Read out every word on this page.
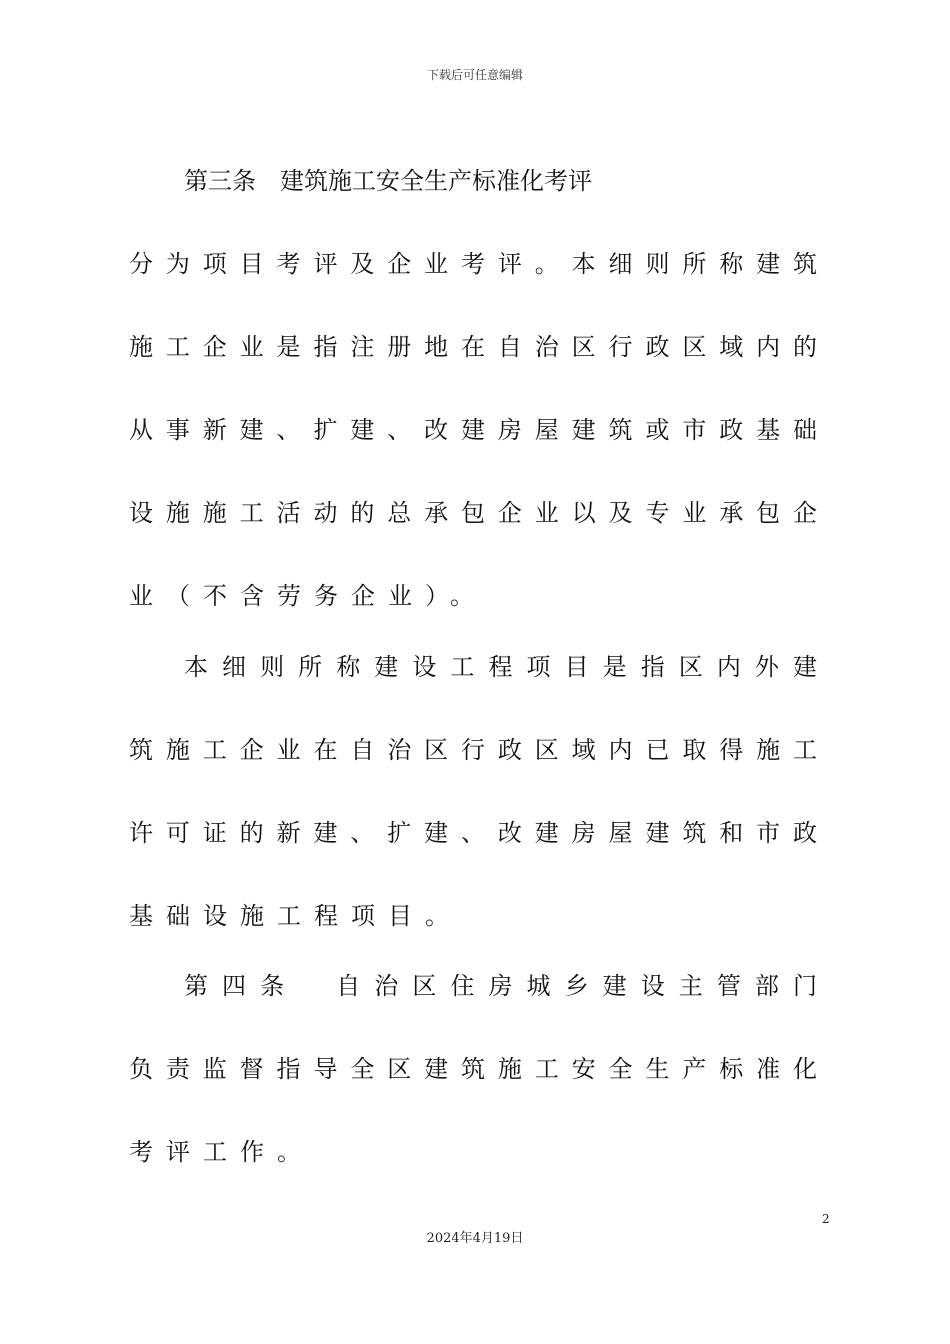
下载后可任意编辑
第三条　建筑施工安全生产标准化考评
分为项目考评及企业考评。本细则所称建筑
施工企业是指注册地在自治区行政区域内的
从事新建、扩建、改建房屋建筑或市政基础
设施施工活动的总承包企业以及专业承包企
业（不含劳务企业）。
本细则所称建设工程项目是指区内外建
筑施工企业在自治区行政区域内已取得施工
许可证的新建、扩建、改建房屋建筑和市政
基础设施工程项目。
第四条　自治区住房城乡建设主管部门
负责监督指导全区建筑施工安全生产标准化
考评工作。
2
2024年4月19日
